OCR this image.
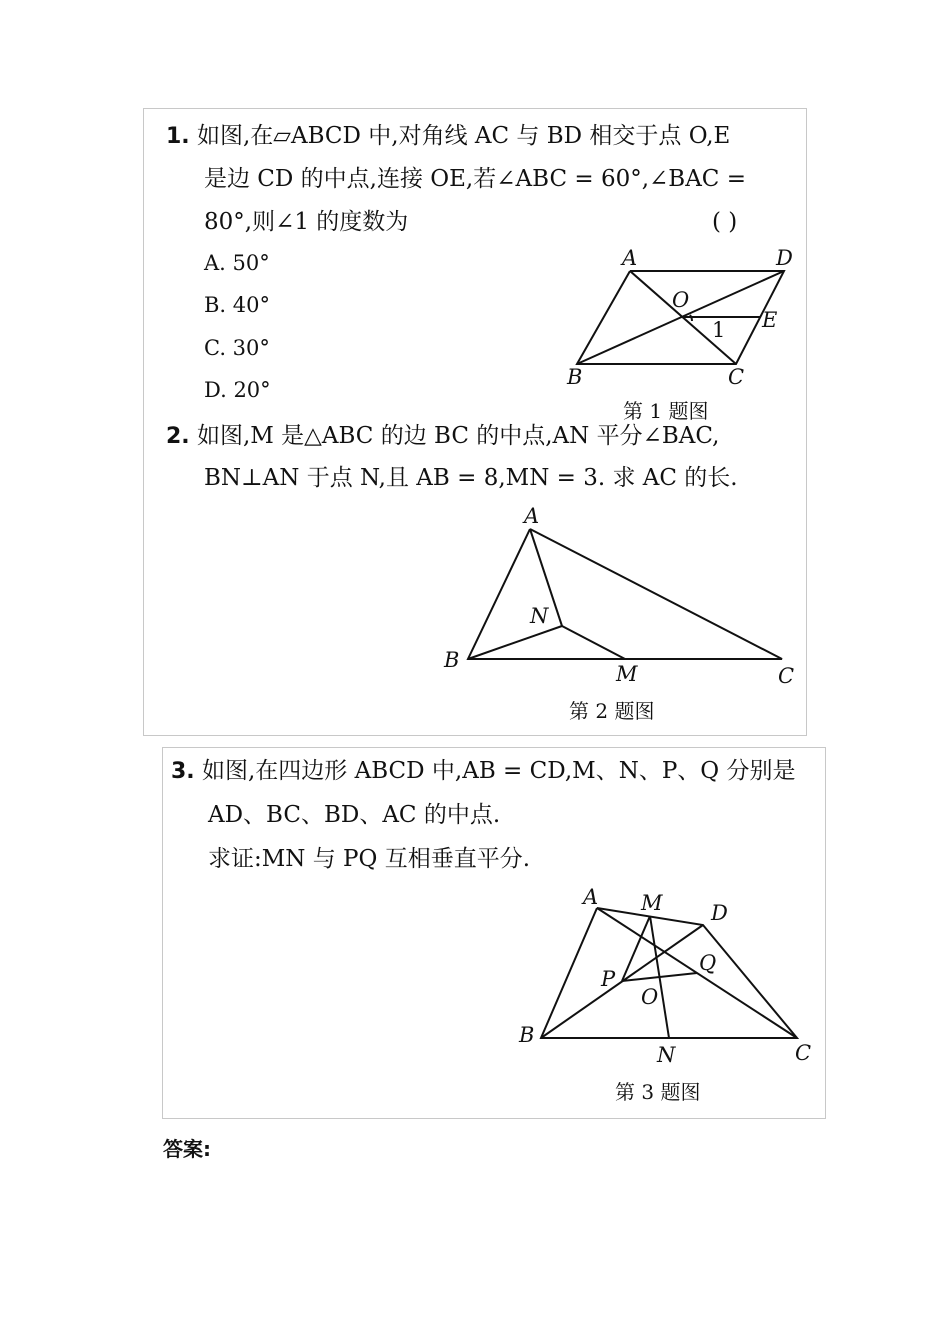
1. 如图,在▱ABCD 中,对角线 AC 与 BD 相交于点 O,E
是边 CD 的中点,连接 OE,若∠ABC = 60°,∠BAC =
80°,则∠1 的度数为	( )
A. 50°
B. 40°
C. 30°
D. 20°
A	D
O
E
B	C
1
第 1 题图
2. 如图,M 是△ABC 的边 BC 的中点,AN 平分∠BAC,
BN⊥AN 于点 N,且 AB = 8,MN = 3. 求 AC 的长.
A
N
B
M	C
第 2 题图
3. 如图,在四边形 ABCD 中,AB = CD,M、N、P、Q 分别是
AD、BC、BD、AC 的中点.
求证:MN 与 PQ 互相垂直平分.
A M D
Q
P
O
B
N	C
第 3 题图
答案:
